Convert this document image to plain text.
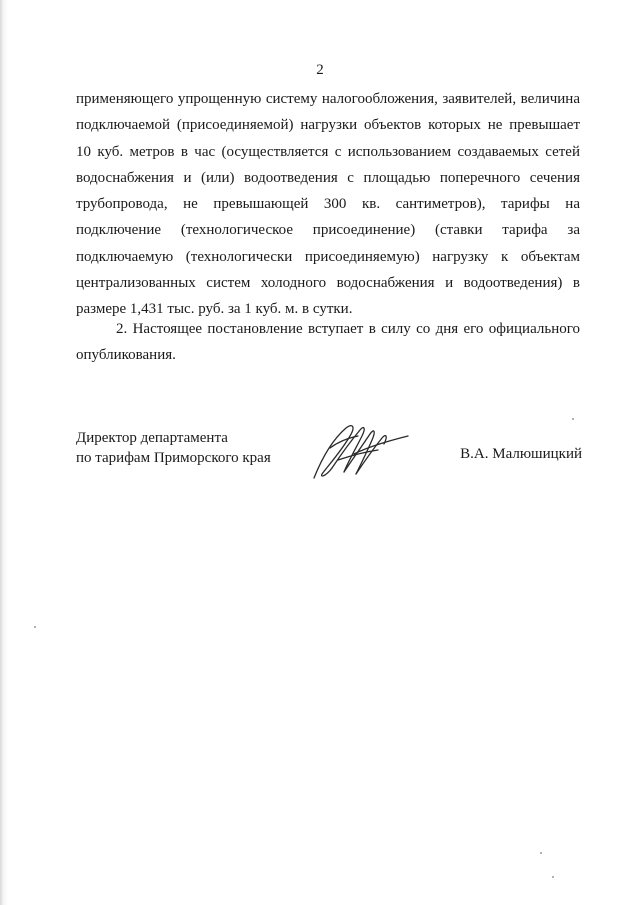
2
применяющего упрощенную систему налогообложения, заявителей, величина
подключаемой (присоединяемой) нагрузки объектов которых не превышает
10 куб. метров в час (осуществляется с использованием создаваемых сетей
водоснабжения и (или) водоотведения с площадью поперечного сечения
трубопровода, не превышающей 300 кв. сантиметров), тарифы на
подключение (технологическое присоединение) (ставки тарифа за
подключаемую (технологически присоединяемую) нагрузку к объектам
централизованных систем холодного водоснабжения и водоотведения) в
размере 1,431 тыс. руб. за 1 куб. м. в сутки.
2. Настоящее постановление вступает в силу со дня его официального
опубликования.
Директор департамента
по тарифам Приморского края	В.А. Малюшицкий
